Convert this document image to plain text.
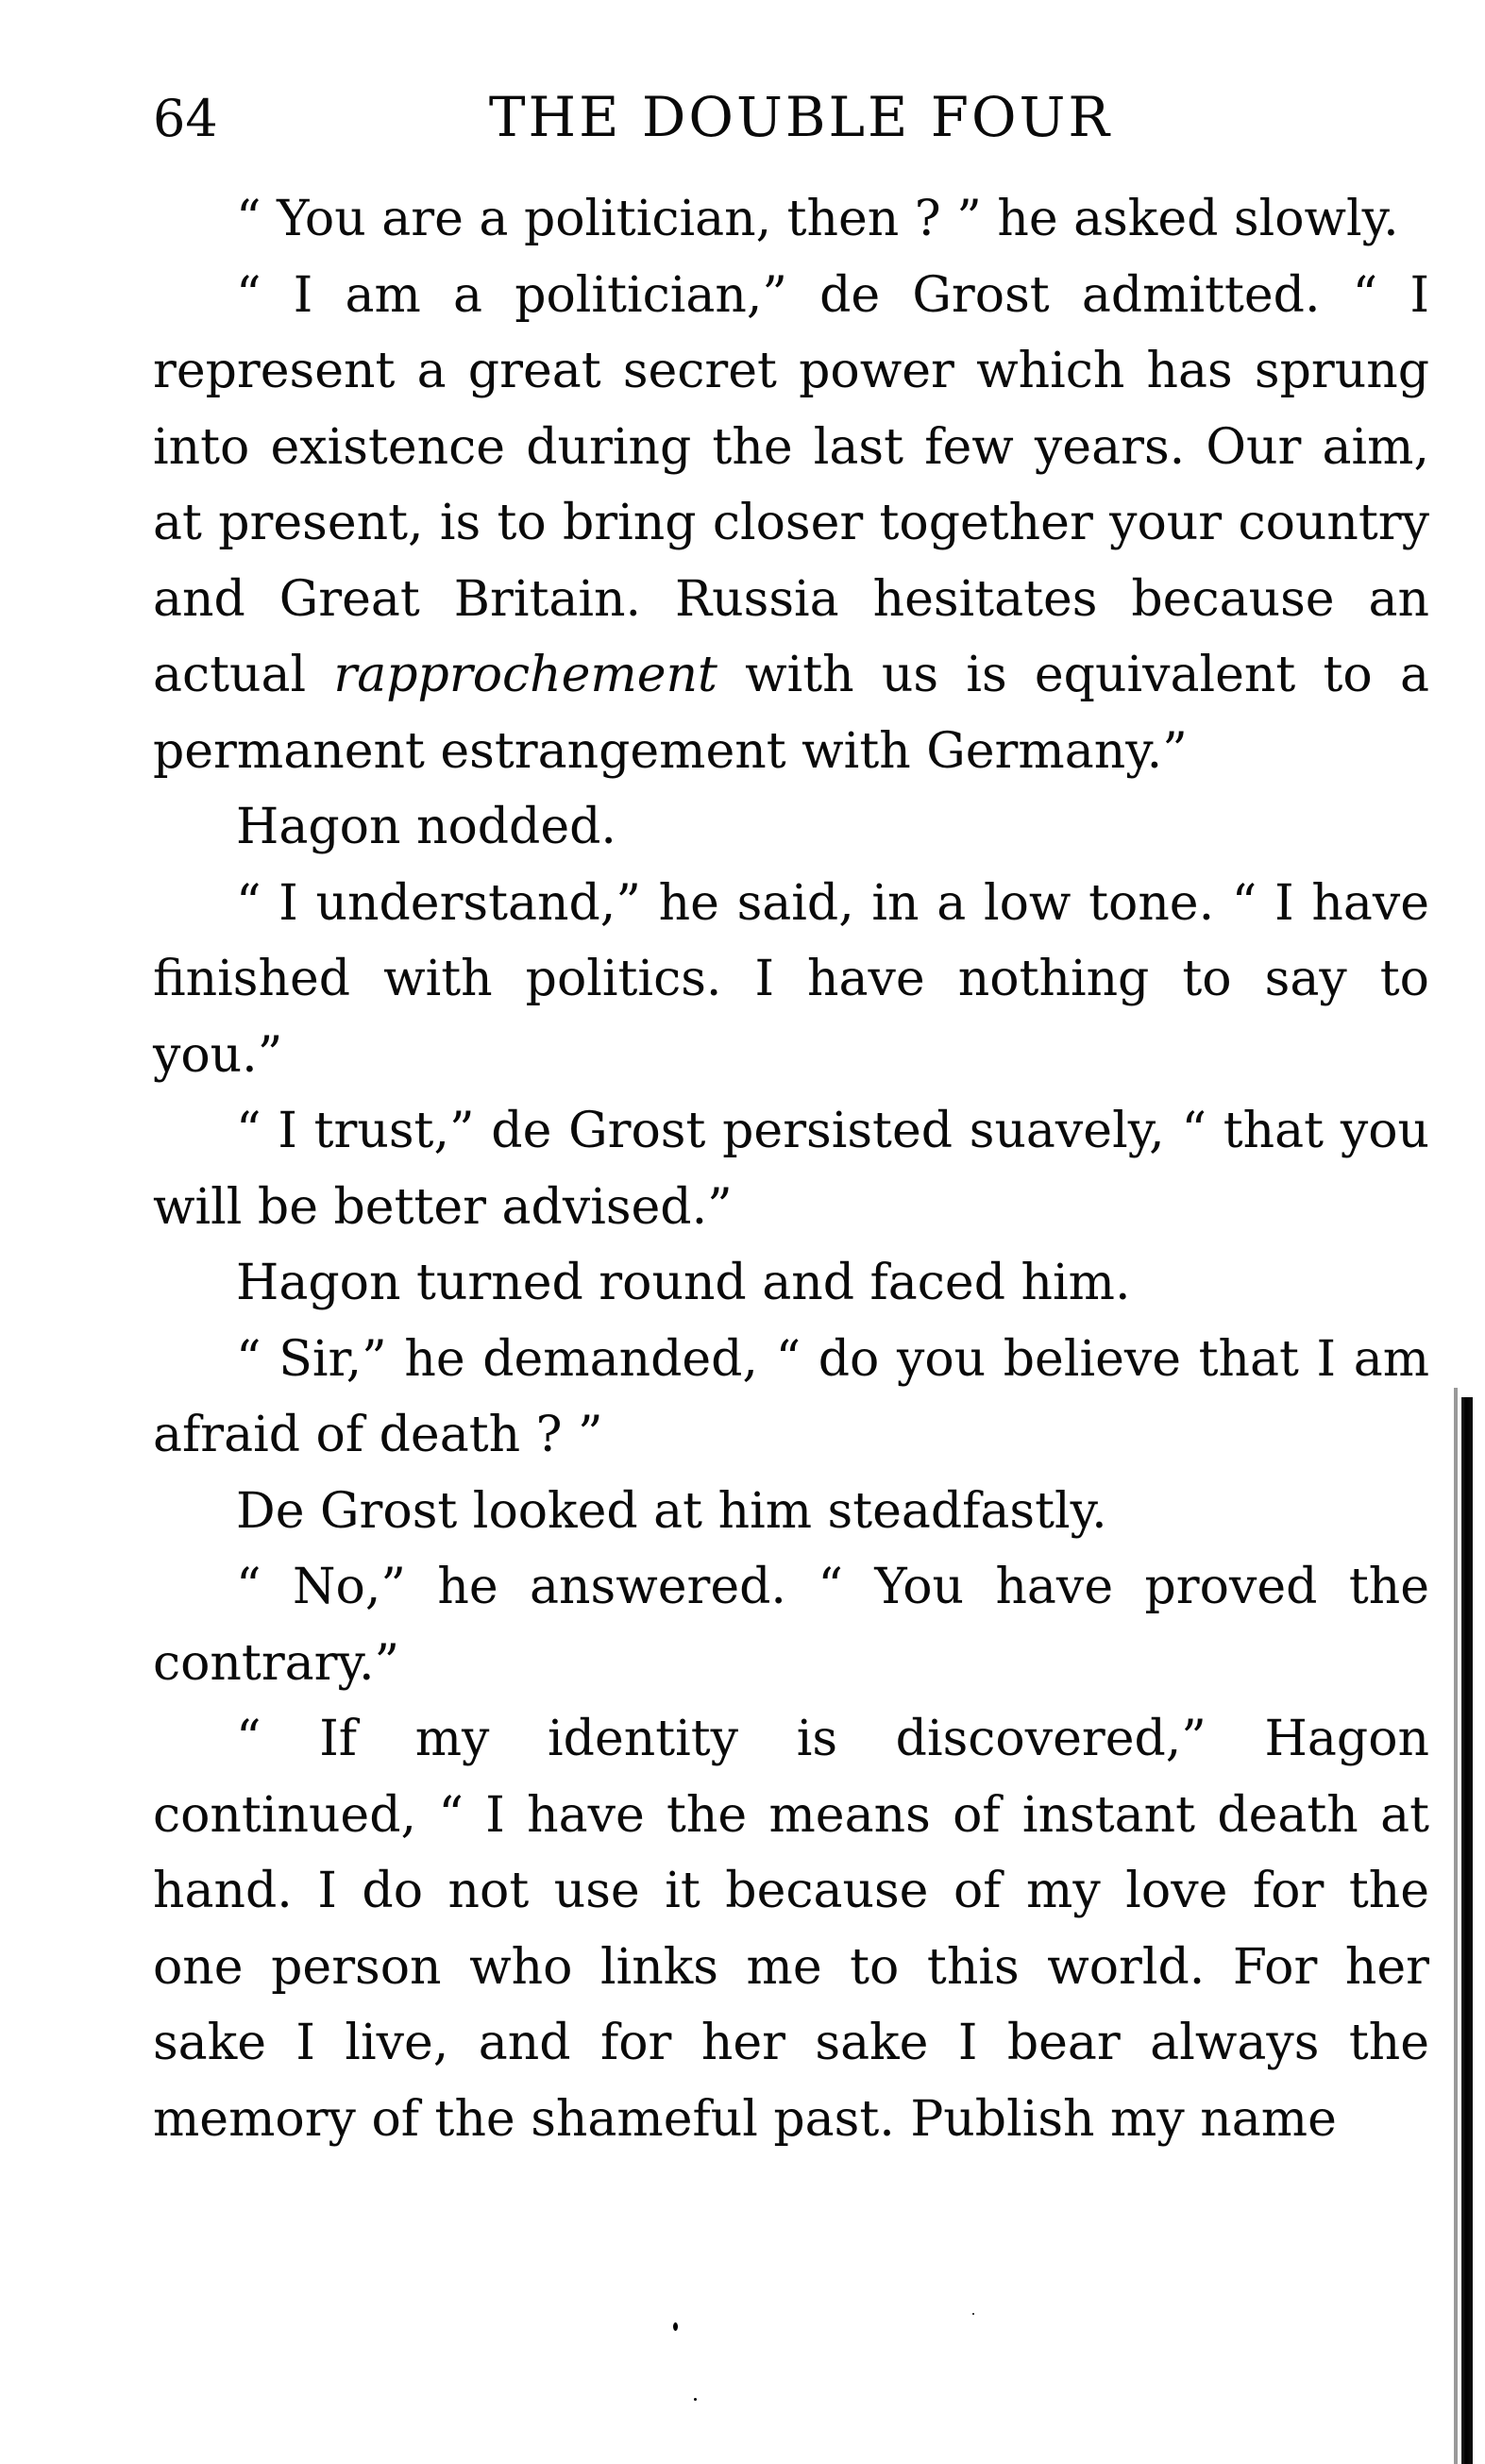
64	THE DOUBLE FOUR

“ You are a politician, then ? ” he asked slowly.

“ I am a politician,” de Grost admitted. “ I represent a great secret power which has sprung into existence during the last few years. Our aim, at present, is to bring closer together your country and Great Britain. Russia hesitates because an actual rapprochement with us is equivalent to a permanent estrangement with Germany.”

Hagon nodded.

“ I understand,” he said, in a low tone. “ I have finished with politics. I have nothing to say to you.”

“ I trust,” de Grost persisted suavely, “ that you will be better advised.”

Hagon turned round and faced him.

“ Sir,” he demanded, “ do you believe that I am afraid of death ? ”

De Grost looked at him steadfastly.

“ No,” he answered. “ You have proved the contrary.”

“ If my identity is discovered,” Hagon continued, “ I have the means of instant death at hand. I do not use it because of my love for the one person who links me to this world. For her sake I live, and for her sake I bear always the memory of the shameful past. Publish my name
